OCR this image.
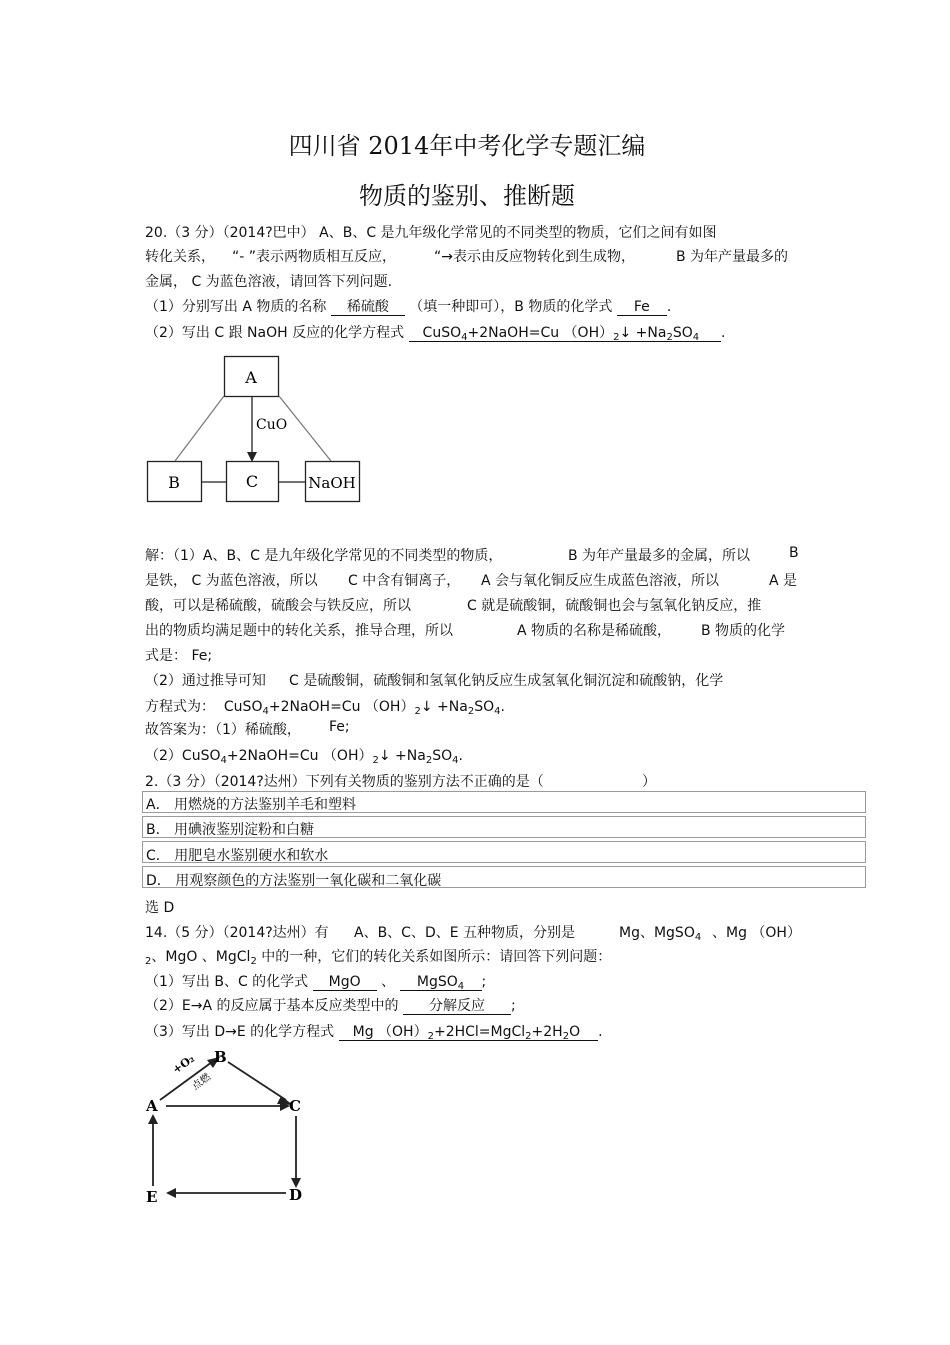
四川省 2014年中考化学专题汇编
物质的鉴别、推断题
20.（3 分）（2014?巴中） A、B、C 是九年级化学常见的不同类型的物质，它们之间有如图
转化关系， “- ”表示两物质相互反应，	“→表示由反应物转化到生成物，	B 为年产量最多的
金属， C 为蓝色溶液，请回答下列问题.
（1）分别写出 A 物质的名称 稀硫酸 （填一种即可），B 物质的化学式 Fe .
（2）写出 C 跟 NaOH 反应的化学方程式 CuSO$_4$+2NaOH=Cu $(OH)_2↓ +Na_2SO_4$   .
A
B	C	NaOH
CuO
解：（1）A、B、C 是九年级化学常见的不同类型的物质，	B 为年产量最多的金属，所以	B
是铁， C 为蓝色溶液，所以 C 中含有铜离子， A 会与氧化铜反应生成蓝色溶液，所以	A 是
酸，可以是稀硫酸，硫酸会与铁反应，所以	C 就是硫酸铜，硫酸铜也会与氢氧化钠反应，推
出的物质均满足题中的转化关系，推导合理，所以	A 物质的名称是稀硫酸， B 物质的化学
式是： Fe;
（2）通过推导可知 C 是硫酸铜，硫酸铜和氢氧化钠反应生成氢氧化铜沉淀和硫酸钠，化学
方程式为： CuSO$_4$+2NaOH=Cu $(OH)_2↓ +Na_2SO_4$.
故答案为：（1）稀硫酸， Fe;
（2）CuSO$_4$+2NaOH=Cu $(OH)_2↓ +Na_2SO_4$.
2.（3 分）（2014?达州）下列有关物质的鉴别方法不正确的是（	）
A． 用燃烧的方法鉴别羊毛和塑料
B． 用碘液鉴别淀粉和白糖
C． 用肥皂水鉴别硬水和软水
D． 用观察颜色的方法鉴别一氧化碳和二氧化碳
选 D
14.（5 分）（2014?达州）有 A、B、C、D、E 五种物质，分别是	Mg、MgSO$_4$ 、Mg （OH）
$_2$、MgO 、MgCl$_2$ 中的一种，它们的转化关系如图所示：请回答下列问题：
（1）写出 B、C 的化学式 MgO 、 MgSO$_4$ ;
（2）E→A 的反应属于基本反应类型中的 分解反应 ;
（3）写出 D→E 的化学方程式 Mg $(OH)_2+2HCl=MgCl_2+2H_2O$ .
A
B
C
D
E
+O₂
点燃
